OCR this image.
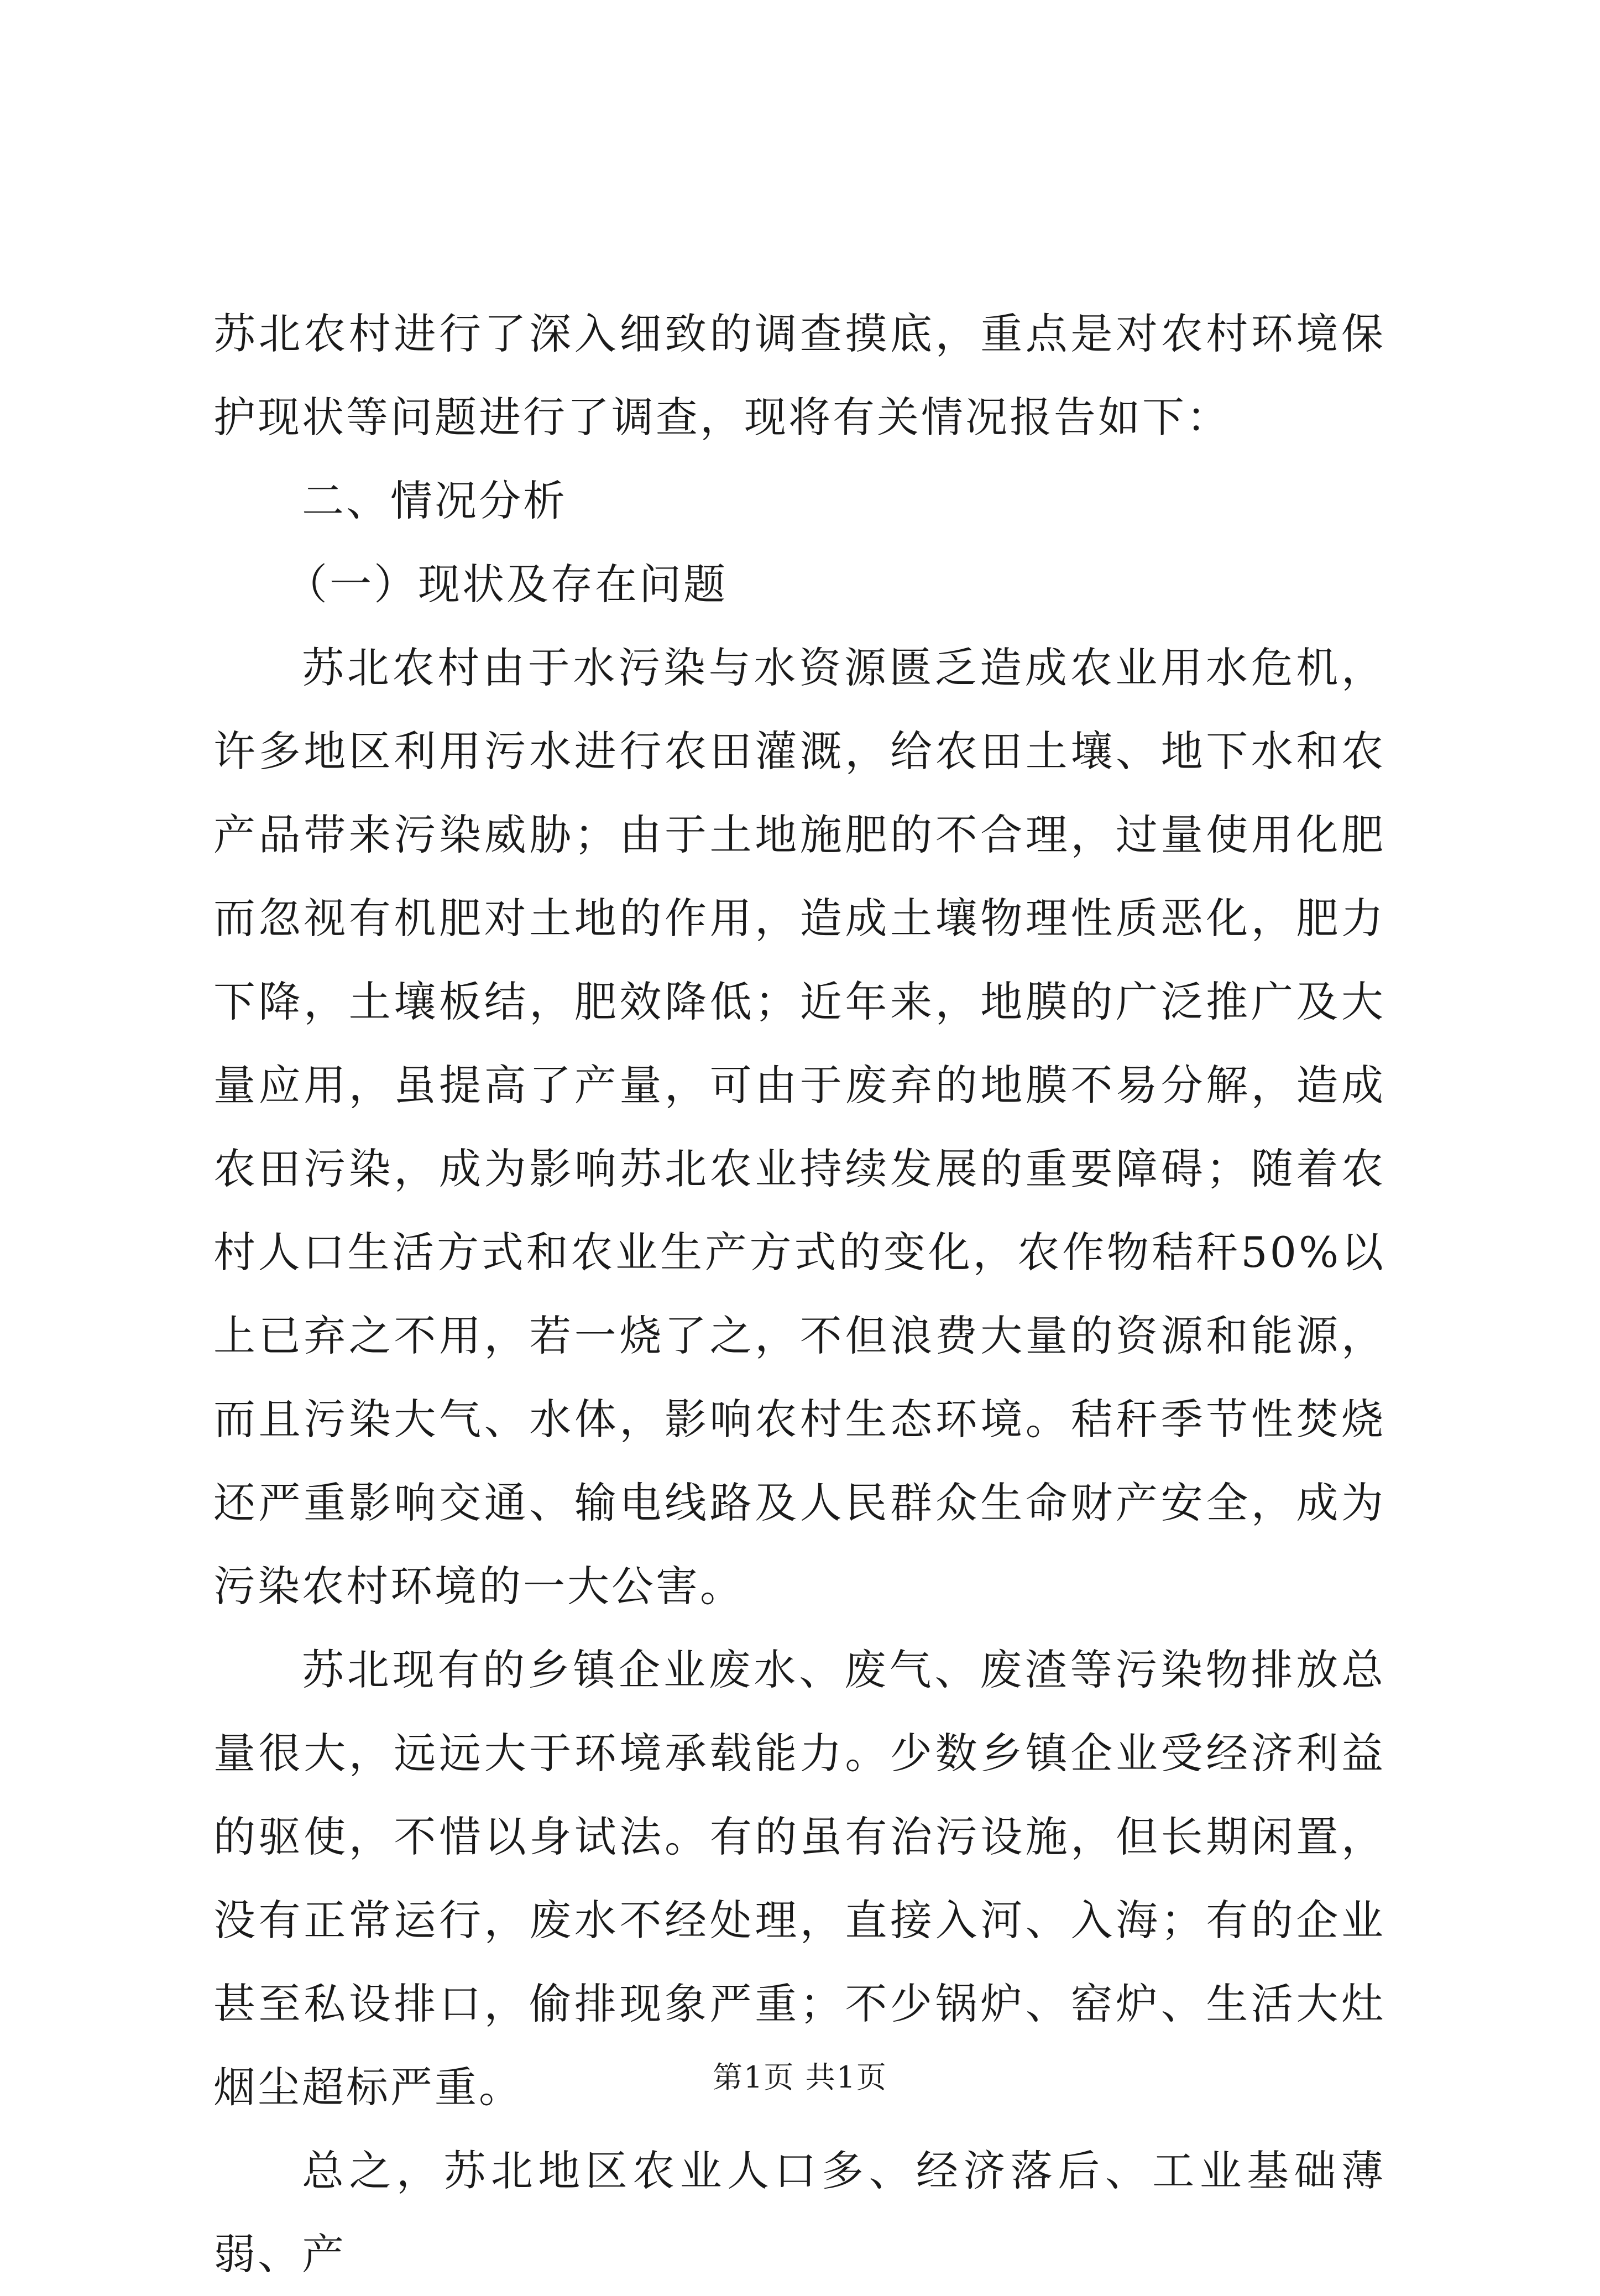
苏北农村进行了深入细致的调查摸底，重点是对农村环境保护现状等问题进行了调查，现将有关情况报告如下：

二、情况分析

（一）现状及存在问题

苏北农村由于水污染与水资源匮乏造成农业用水危机，许多地区利用污水进行农田灌溉，给农田土壤、地下水和农产品带来污染威胁；由于土地施肥的不合理，过量使用化肥而忽视有机肥对土地的作用，造成土壤物理性质恶化，肥力下降，土壤板结，肥效降低；近年来，地膜的广泛推广及大量应用，虽提高了产量，可由于废弃的地膜不易分解，造成农田污染，成为影响苏北农业持续发展的重要障碍；随着农村人口生活方式和农业生产方式的变化，农作物秸秆50%以上已弃之不用，若一烧了之，不但浪费大量的资源和能源，而且污染大气、水体，影响农村生态环境。秸秆季节性焚烧还严重影响交通、输电线路及人民群众生命财产安全，成为污染农村环境的一大公害。

苏北现有的乡镇企业废水、废气、废渣等污染物排放总量很大，远远大于环境承载能力。少数乡镇企业受经济利益的驱使，不惜以身试法。有的虽有治污设施，但长期闲置，没有正常运行，废水不经处理，直接入河、入海；有的企业甚至私设排口，偷排现象严重；不少锅炉、窑炉、生活大灶烟尘超标严重。

总之，苏北地区农业人口多、经济落后、工业基础薄弱、产

第1页 共1页
